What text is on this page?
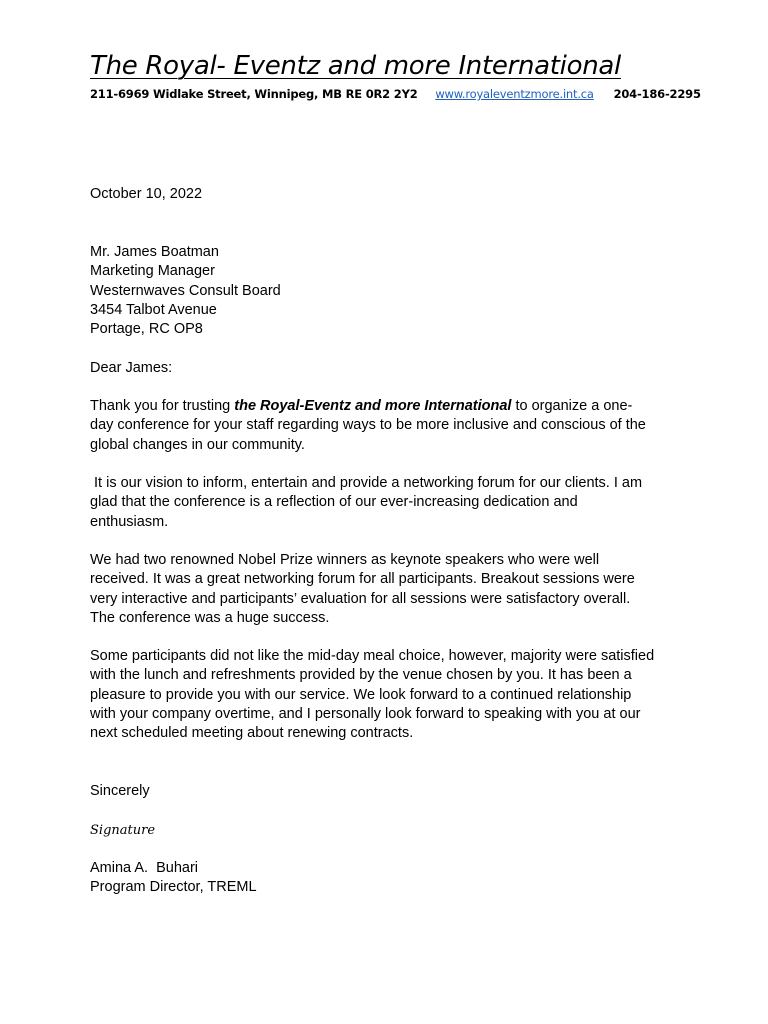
The Royal- Eventz and more International
211-6969 Widlake Street, Winnipeg, MB RE 0R2 2Y2 www.royaleventzmore.int.ca 204-186-2295

October 10, 2022

Mr. James Boatman

Marketing Manager

Westernwaves Consult Board

3454 Talbot Avenue

Portage, RC OP8

Dear James:

Thank you for trusting the Royal-Eventz and more International to organize a one-

day conference for your staff regarding ways to be more inclusive and conscious of the

global changes in our community.

It is our vision to inform, entertain and provide a networking forum for our clients. I am

glad that the conference is a reflection of our ever-increasing dedication and

enthusiasm.

We had two renowned Nobel Prize winners as keynote speakers who were well

received. It was a great networking forum for all participants. Breakout sessions were

very interactive and participants’ evaluation for all sessions were satisfactory overall.

The conference was a huge success.

Some participants did not like the mid-day meal choice, however, majority were satisfied

with the lunch and refreshments provided by the venue chosen by you. It has been a

pleasure to provide you with our service. We look forward to a continued relationship

with your company overtime, and I personally look forward to speaking with you at our

next scheduled meeting about renewing contracts.

Sincerely

Signature

Amina A.  Buhari

Program Director, TREML
